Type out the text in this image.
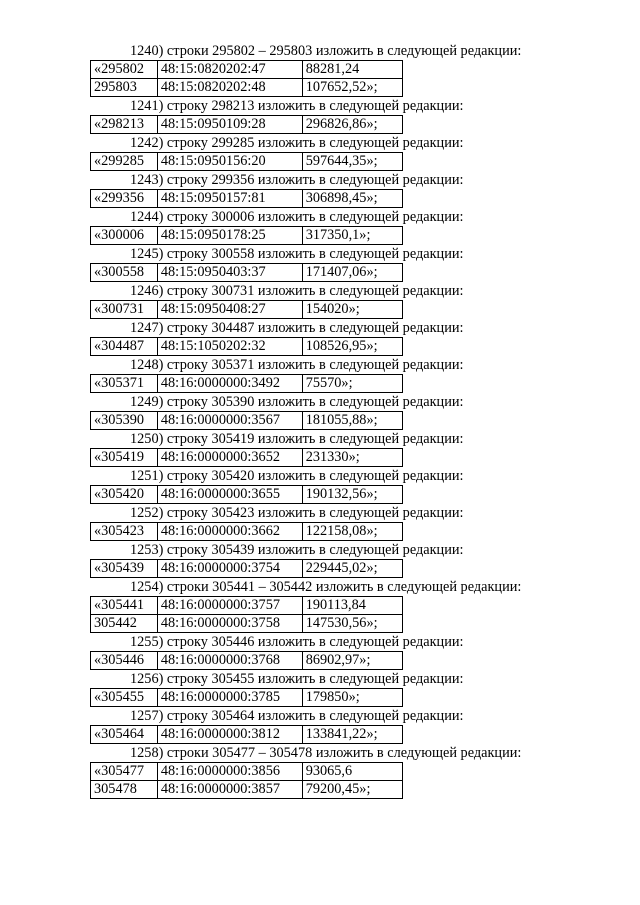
1240) строки 295802 – 295803 изложить в следующей редакции:
«295802	48:15:0820202:47	88281,24
295803	48:15:0820202:48	107652,52»;
1241) строку 298213 изложить в следующей редакции:
«298213	48:15:0950109:28	296826,86»;
1242) строку 299285 изложить в следующей редакции:
«299285	48:15:0950156:20	597644,35»;
1243) строку 299356 изложить в следующей редакции:
«299356	48:15:0950157:81	306898,45»;
1244) строку 300006 изложить в следующей редакции:
«300006	48:15:0950178:25	317350,1»;
1245) строку 300558 изложить в следующей редакции:
«300558	48:15:0950403:37	171407,06»;
1246) строку 300731 изложить в следующей редакции:
«300731	48:15:0950408:27	154020»;
1247) строку 304487 изложить в следующей редакции:
«304487	48:15:1050202:32	108526,95»;
1248) строку 305371 изложить в следующей редакции:
«305371	48:16:0000000:3492	75570»;
1249) строку 305390 изложить в следующей редакции:
«305390	48:16:0000000:3567	181055,88»;
1250) строку 305419 изложить в следующей редакции:
«305419	48:16:0000000:3652	231330»;
1251) строку 305420 изложить в следующей редакции:
«305420	48:16:0000000:3655	190132,56»;
1252) строку 305423 изложить в следующей редакции:
«305423	48:16:0000000:3662	122158,08»;
1253) строку 305439 изложить в следующей редакции:
«305439	48:16:0000000:3754	229445,02»;
1254) строки 305441 – 305442 изложить в следующей редакции:
«305441	48:16:0000000:3757	190113,84
305442	48:16:0000000:3758	147530,56»;
1255) строку 305446 изложить в следующей редакции:
«305446	48:16:0000000:3768	86902,97»;
1256) строку 305455 изложить в следующей редакции:
«305455	48:16:0000000:3785	179850»;
1257) строку 305464 изложить в следующей редакции:
«305464	48:16:0000000:3812	133841,22»;
1258) строки 305477 – 305478 изложить в следующей редакции:
«305477	48:16:0000000:3856	93065,6
305478	48:16:0000000:3857	79200,45»;
